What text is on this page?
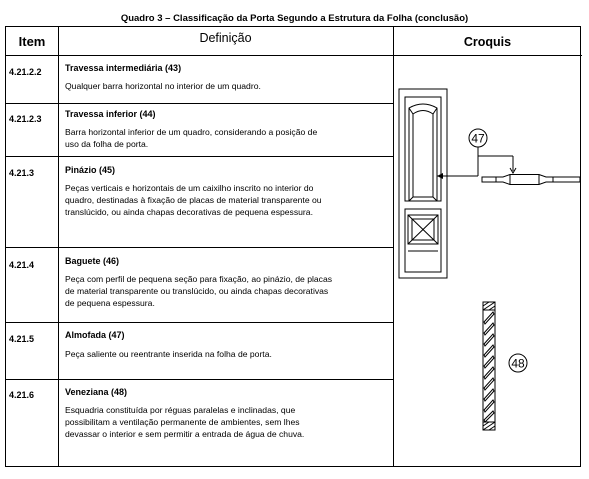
Quadro 3 – Classificação da Porta Segundo a Estrutura da Folha (conclusão)
Item	Definição	Croquis
4.21.2.2	Travessa intermediária (43)
Qualquer barra horizontal no interior de um quadro.
4.21.2.3	Travessa inferior (44)
Barra horizontal inferior de um quadro, considerando a posição de
uso da folha de porta.
4.21.3	Pinázio (45)
Peças verticais e horizontais de um caixilho inscrito no interior do
quadro, destinadas à fixação de placas de material transparente ou
translúcido, ou ainda chapas decorativas de pequena espessura.
4.21.4	Baguete (46)
Peça com perfil de pequena seção para fixação, ao pinázio, de placas
de material transparente ou translúcido, ou ainda chapas decorativas
de pequena espessura.
4.21.5	Almofada (47)
Peça saliente ou reentrante inserida na folha de porta.
4.21.6	Veneziana (48)
Esquadria constituída por réguas paralelas e inclinadas, que
possibilitam a ventilação permanente de ambientes, sem lhes
devassar o interior e sem permitir a entrada de água de chuva.
47
48
